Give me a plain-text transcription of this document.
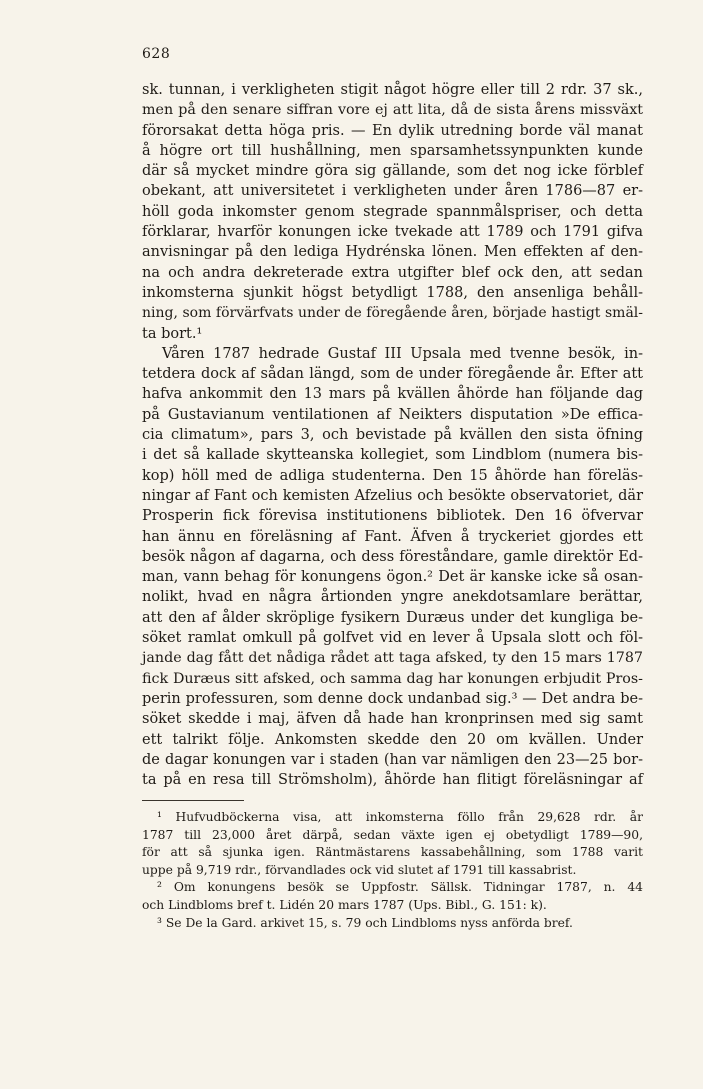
628
sk. tunnan, i verkligheten stigit något högre eller till 2 rdr. 37 sk.,
men på den senare siffran vore ej att lita, då de sista årens missväxt
förorsakat detta höga pris. — En dylik utredning borde väl manat
å högre ort till hushållning, men sparsamhetssynpunkten kunde
där så mycket mindre göra sig gällande, som det nog icke förblef
obekant, att universitetet i verkligheten under åren 1786—87 er-
höll goda inkomster genom stegrade spannmålspriser, och detta
förklarar, hvarför konungen icke tvekade att 1789 och 1791 gifva
anvisningar på den lediga Hydrénska lönen. Men effekten af den-
na och andra dekreterade extra utgifter blef ock den, att sedan
inkomsterna sjunkit högst betydligt 1788, den ansenliga behåll-
ning, som förvärfvats under de föregående åren, började hastigt smäl-
ta bort.¹
Våren 1787 hedrade Gustaf III Upsala med tvenne besök, in-
tetdera dock af sådan längd, som de under föregående år. Efter att
hafva ankommit den 13 mars på kvällen åhörde han följande dag
på Gustavianum ventilationen af Neikters disputation »De effica-
cia climatum», pars 3, och bevistade på kvällen den sista öfning
i det så kallade skytteanska kollegiet, som Lindblom (numera bis-
kop) höll med de adliga studenterna. Den 15 åhörde han föreläs-
ningar af Fant och kemisten Afzelius och besökte observatoriet, där
Prosperin fick förevisa institutionens bibliotek. Den 16 öfvervar
han ännu en föreläsning af Fant. Äfven å tryckeriet gjordes ett
besök någon af dagarna, och dess föreståndare, gamle direktör Ed-
man, vann behag för konungens ögon.² Det är kanske icke så osan-
nolikt, hvad en några årtionden yngre anekdotsamlare berättar,
att den af ålder skröplige fysikern Duræus under det kungliga be-
söket ramlat omkull på golfvet vid en lever å Upsala slott och föl-
jande dag fått det nådiga rådet att taga afsked, ty den 15 mars 1787
fick Duræus sitt afsked, och samma dag har konungen erbjudit Pros-
perin professuren, som denne dock undanbad sig.³ — Det andra be-
söket skedde i maj, äfven då hade han kronprinsen med sig samt
ett talrikt följe. Ankomsten skedde den 20 om kvällen. Under
de dagar konungen var i staden (han var nämligen den 23—25 bor-
ta på en resa till Strömsholm), åhörde han flitigt föreläsningar af
¹ Hufvudböckerna visa, att inkomsterna föllo från 29,628 rdr. år
1787 till 23,000 året därpå, sedan växte igen ej obetydligt 1789—90,
för att så sjunka igen. Räntmästarens kassabehållning, som 1788 varit
uppe på 9,719 rdr., förvandlades ock vid slutet af 1791 till kassabrist.
² Om konungens besök se Uppfostr. Sällsk. Tidningar 1787, n. 44
och Lindbloms bref t. Lidén 20 mars 1787 (Ups. Bibl., G. 151: k).
³ Se De la Gard. arkivet 15, s. 79 och Lindbloms nyss anförda bref.
